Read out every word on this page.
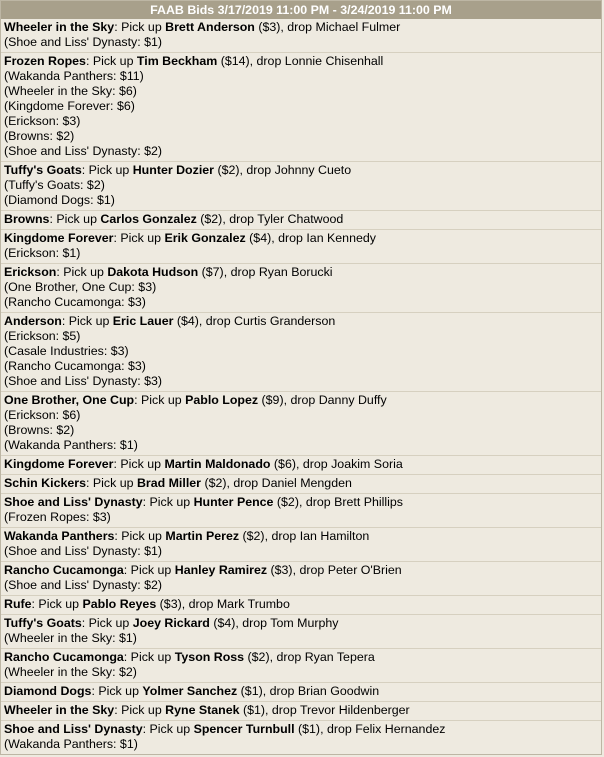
FAAB Bids 3/17/2019 11:00 PM - 3/24/2019 11:00 PM
Wheeler in the Sky: Pick up Brett Anderson ($3), drop Michael Fulmer
(Shoe and Liss' Dynasty: $1)
Frozen Ropes: Pick up Tim Beckham ($14), drop Lonnie Chisenhall
(Wakanda Panthers: $11)
(Wheeler in the Sky: $6)
(Kingdome Forever: $6)
(Erickson: $3)
(Browns: $2)
(Shoe and Liss' Dynasty: $2)
Tuffy's Goats: Pick up Hunter Dozier ($2), drop Johnny Cueto
(Tuffy's Goats: $2)
(Diamond Dogs: $1)
Browns: Pick up Carlos Gonzalez ($2), drop Tyler Chatwood
Kingdome Forever: Pick up Erik Gonzalez ($4), drop Ian Kennedy
(Erickson: $1)
Erickson: Pick up Dakota Hudson ($7), drop Ryan Borucki
(One Brother, One Cup: $3)
(Rancho Cucamonga: $3)
Anderson: Pick up Eric Lauer ($4), drop Curtis Granderson
(Erickson: $5)
(Casale Industries: $3)
(Rancho Cucamonga: $3)
(Shoe and Liss' Dynasty: $3)
One Brother, One Cup: Pick up Pablo Lopez ($9), drop Danny Duffy
(Erickson: $6)
(Browns: $2)
(Wakanda Panthers: $1)
Kingdome Forever: Pick up Martin Maldonado ($6), drop Joakim Soria
Schin Kickers: Pick up Brad Miller ($2), drop Daniel Mengden
Shoe and Liss' Dynasty: Pick up Hunter Pence ($2), drop Brett Phillips
(Frozen Ropes: $3)
Wakanda Panthers: Pick up Martin Perez ($2), drop Ian Hamilton
(Shoe and Liss' Dynasty: $1)
Rancho Cucamonga: Pick up Hanley Ramirez ($3), drop Peter O'Brien
(Shoe and Liss' Dynasty: $2)
Rufe: Pick up Pablo Reyes ($3), drop Mark Trumbo
Tuffy's Goats: Pick up Joey Rickard ($4), drop Tom Murphy
(Wheeler in the Sky: $1)
Rancho Cucamonga: Pick up Tyson Ross ($2), drop Ryan Tepera
(Wheeler in the Sky: $2)
Diamond Dogs: Pick up Yolmer Sanchez ($1), drop Brian Goodwin
Wheeler in the Sky: Pick up Ryne Stanek ($1), drop Trevor Hildenberger
Shoe and Liss' Dynasty: Pick up Spencer Turnbull ($1), drop Felix Hernandez
(Wakanda Panthers: $1)
